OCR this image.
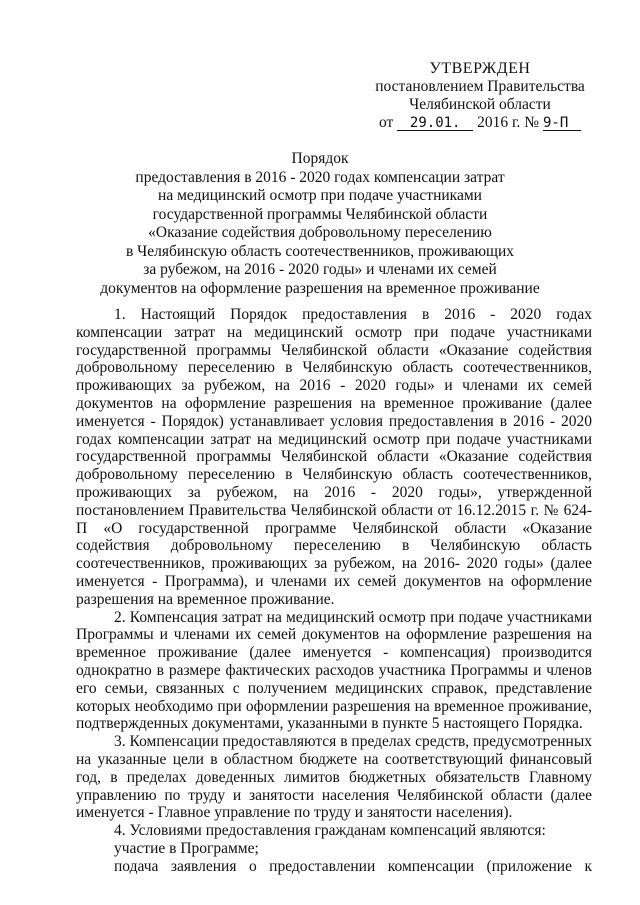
УТВЕРЖДЕН
постановлением Правительства
Челябинской области
от 29.01. 2016 г. № 9-П
Порядок
предоставления в 2016 - 2020 годах компенсации затрат
на медицинский осмотр при подаче участниками
государственной программы Челябинской области
«Оказание содействия добровольному переселению
в Челябинскую область соотечественников, проживающих
за рубежом, на 2016 - 2020 годы» и членами их семей
документов на оформление разрешения на временное проживание

1. Настоящий Порядок предоставления в 2016 - 2020 годах компенсации затрат на медицинский осмотр при подаче участниками государственной программы Челябинской области «Оказание содействия добровольному переселению в Челябинскую область соотечественников, проживающих за рубежом, на 2016 - 2020 годы» и членами их семей документов на оформление разрешения на временное проживание (далее именуется - Порядок) устанавливает условия предоставления в 2016 - 2020 годах компенсации затрат на медицинский осмотр при подаче участниками государственной программы Челябинской области «Оказание содействия добровольному переселению в Челябинскую область соотечественников, проживающих за рубежом, на 2016 - 2020 годы», утвержденной постановлением Правительства Челябинской области от 16.12.2015 г. № 624-П «О государственной программе Челябинской области «Оказание содействия добровольному переселению в Челябинскую область соотечественников, проживающих за рубежом, на 2016- 2020 годы» (далее именуется - Программа), и членами их семей документов на оформление разрешения на временное проживание.

2. Компенсация затрат на медицинский осмотр при подаче участниками Программы и членами их семей документов на оформление разрешения на временное проживание (далее именуется - компенсация) производится однократно в размере фактических расходов участника Программы и членов его семьи, связанных с получением медицинских справок, представление которых необходимо при оформлении разрешения на временное проживание, подтвержденных документами, указанными в пункте 5 настоящего Порядка.

3. Компенсации предоставляются в пределах средств, предусмотренных на указанные цели в областном бюджете на соответствующий финансовый год, в пределах доведенных лимитов бюджетных обязательств Главному управлению по труду и занятости населения Челябинской области (далее именуется - Главное управление по труду и занятости населения).

4. Условиями предоставления гражданам компенсаций являются:

участие в Программе;

подача заявления о предоставлении компенсации (приложение к
